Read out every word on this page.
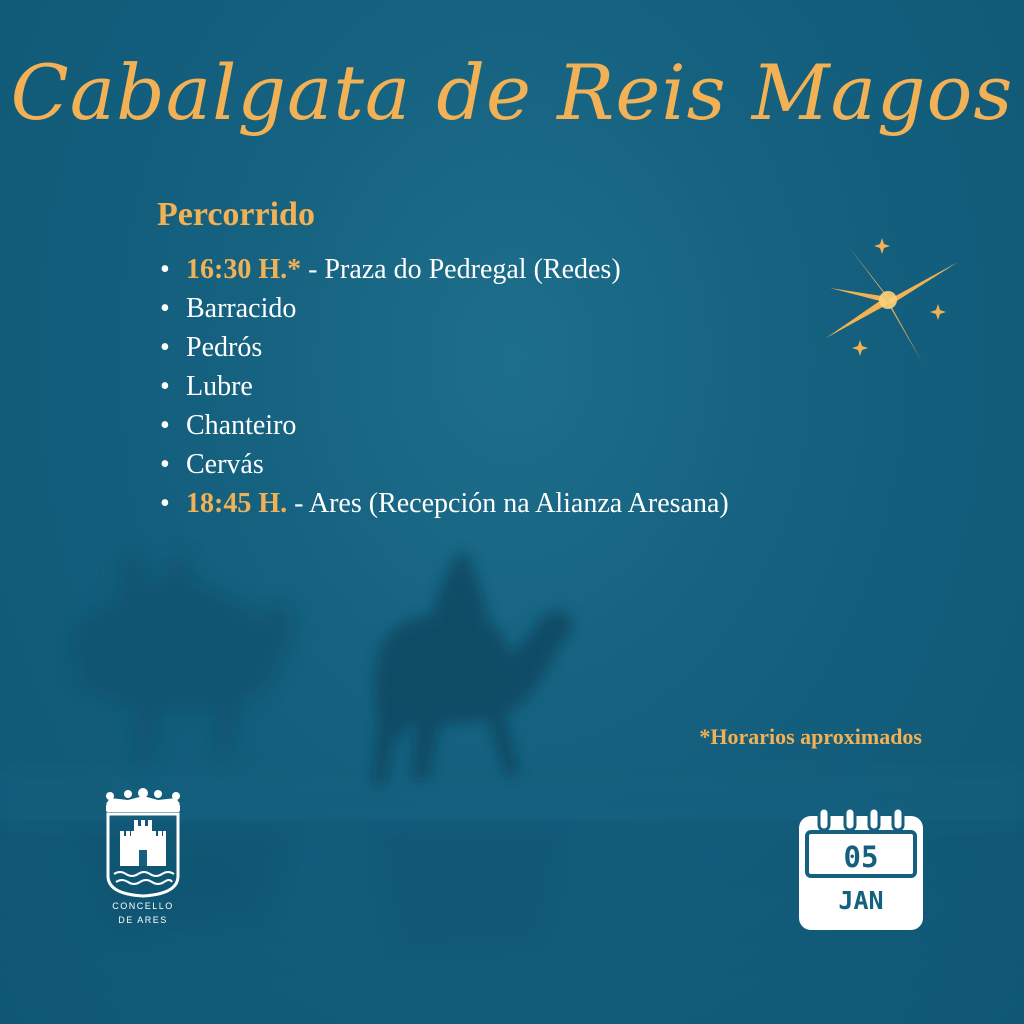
Cabalgata de Reis Magos
Percorrido
• 16:30 H.* - Praza do Pedregal (Redes)
• Barracido
• Pedrós
• Lubre
• Chanteiro
• Cervás
• 18:45 H. - Ares (Recepción na Alianza Aresana)
*Horarios aproximados
CONCELLO
DE ARES
05
JAN
